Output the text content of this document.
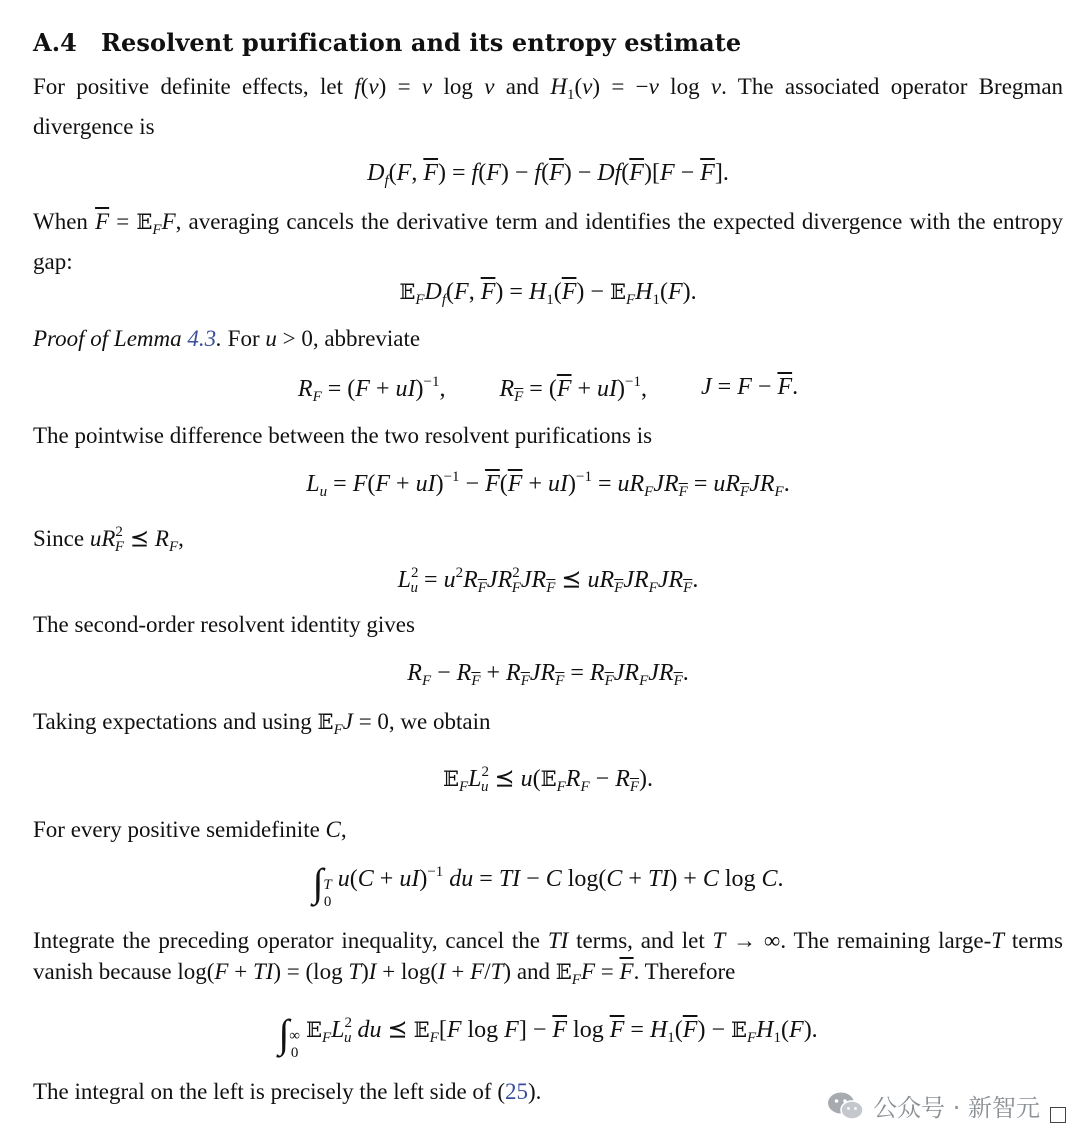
A.4 Resolvent purification and its entropy estimate

For positive definite effects, let f(v) = v log v and $H_1(v) = -v$ log v. The associated operator Bregman divergence is

$D_f(F$, $\overline{F}) = f(F) - f(\overline{F}) - Df(\overline{F})[F - \overline{F}]$.

When $\overline{F}$ = 𝔼$_F$F, averaging cancels the derivative term and identifies the expected divergence with the entropy gap:

$𝔼_FD_f(F$, $\overline{F}) = H_1(\overline{F})$ − $𝔼_FH_1(F)$.

Proof of Lemma 4.3. For u > 0, abbreviate

$R_F = (F + uI)^{-1}$, $R_{\overline{F}} = (\overline{F} + uI)^{-1}$, $J = F - \overline{F}$.

The pointwise difference between the two resolvent purifications is

$L_u = F(F + uI)^{-1} - \overline{F}(\overline{F} + uI)^{-1} = uR_FJR_{\overline{F}} = uR_{\overline{F}}JR_F$.

Since $uR^2_F$ ⪯ $R_F$,

$L^2_u = u^2R_{\overline{F}}JR^2_FJR_{\overline{F}}$ ⪯ $uR_{\overline{F}}JR_FJR_{\overline{F}}$.

The second-order resolvent identity gives

$R_F - R_{\overline{F}} + R_{\overline{F}}JR_{\overline{F}} = R_{\overline{F}}JR_FJR_{\overline{F}}$.

Taking expectations and using 𝔼$_F$J = 0, we obtain

$𝔼_FL^2_u$ ⪯ $u(𝔼_FR_F - R_{\overline{F}})$.

For every positive semidefinite C,

∫T
0u(C + uI)$^{-1}$ du = TI − C log(C + TI) + C log C.

Integrate the preceding operator inequality, cancel the TI terms, and let T → ∞. The remaining large-T terms vanish because log(F + TI) = (log T)I + log(I + F/T) and 𝔼$_F$F = $\overline{F}$. Therefore

∫∞
$0𝔼_FL^2_u$ du ⪯ 𝔼$_F$[F $\log F] - \overline{F}$ $\log \overline{F} = H_1(\overline{F})$ − $𝔼_FH_1(F)$.

The integral on the left is precisely the left side of (25).

公众号 · 新智元
